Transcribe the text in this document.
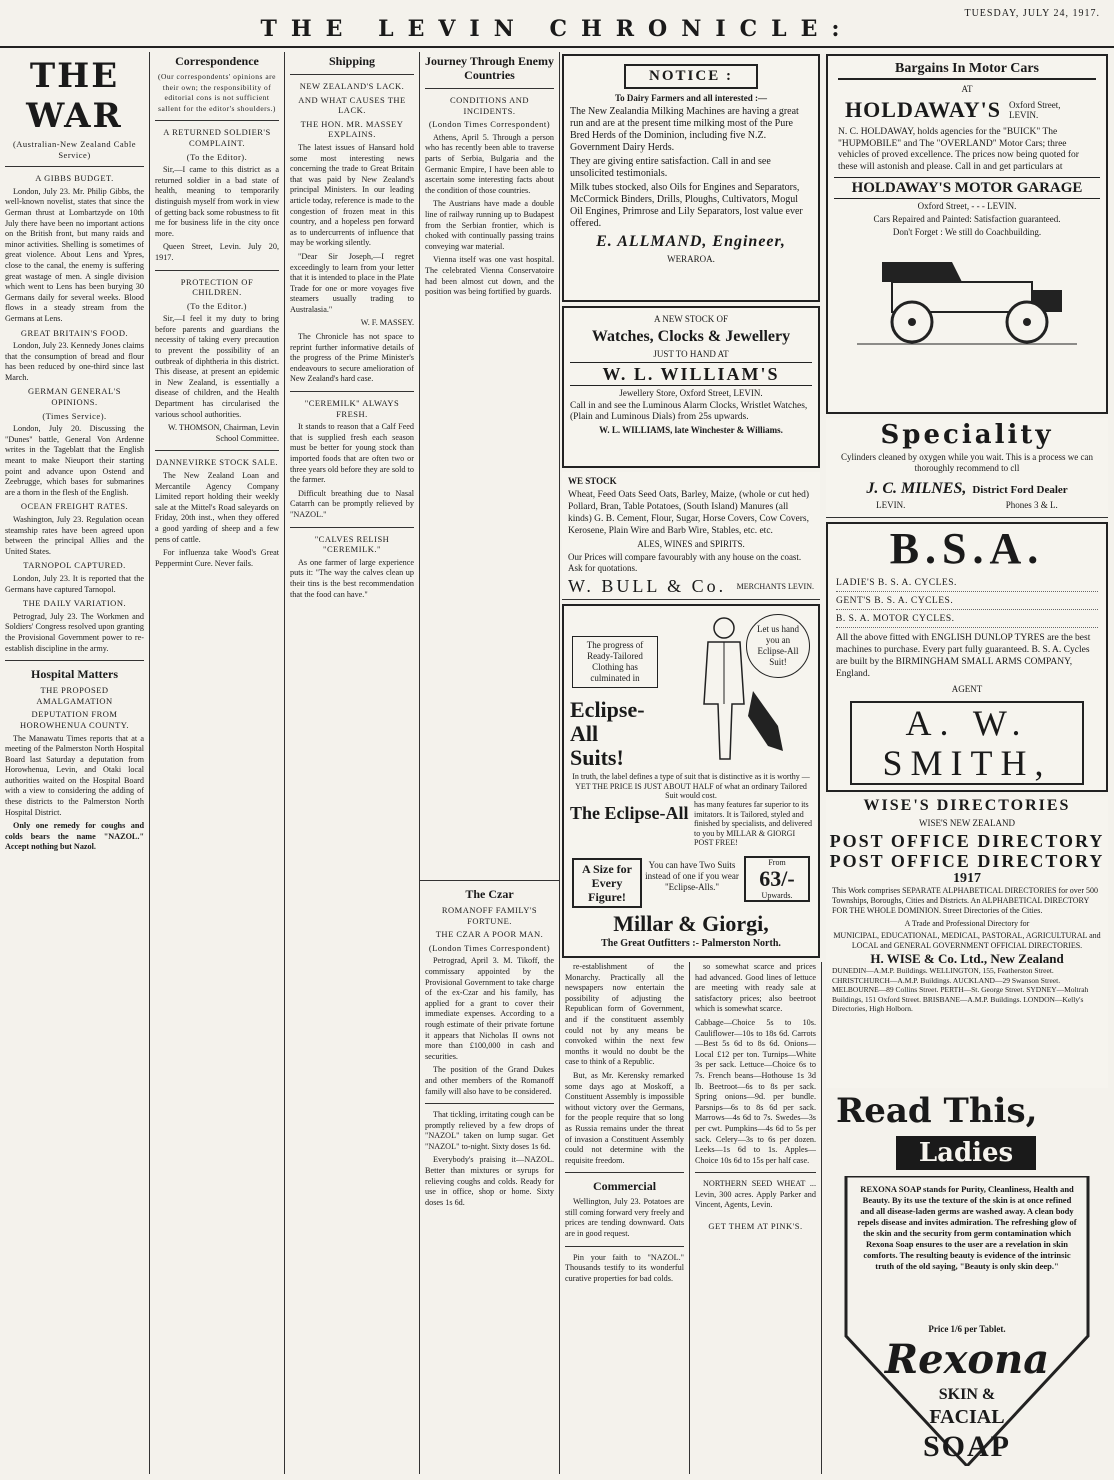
THE LEVIN CHRONICLE:
TUESDAY, JULY 24, 1917.
THE WAR
(Australian-New Zealand Cable Service)
A GIBBS BUDGET.

London, July 23. Mr. Philip Gibbs, the well-known novelist, states that since the German thrust at Lombartzyde on 10th July there have been no important actions on the British front, but many raids and minor activities. Shelling is sometimes of great violence. About Lens and Ypres, close to the canal, the enemy is suffering great wastage of men. A single division which went to Lens has been burying 30 Germans daily for several weeks. Blood flows in a steady stream from the Germans at Lens.

GREAT BRITAIN'S FOOD.

London, July 23. Kennedy Jones claims that the consumption of bread and flour has been reduced by one-third since last March.

GERMAN GENERAL'S OPINIONS.
(Times Service).

London, July 20. Discussing the "Dunes" battle, General Von Ardenne writes in the Tageblatt that the English meant to make Nieuport their starting point and advance upon Ostend and Zeebrugge, which bases for submarines are a thorn in the flesh of the English.

OCEAN FREIGHT RATES.

Washington, July 23. Regulation ocean steamship rates have been agreed upon between the principal Allies and the United States.

TARNOPOL CAPTURED.

London, July 23. It is reported that the Germans have captured Tarnopol.

THE DAILY VARIATION.

Petrograd, July 23. The Workmen and Soldiers' Congress resolved upon granting the Provisional Government power to re-establish discipline in the army.

Hospital Matters
THE PROPOSED AMALGAMATION
DEPUTATION FROM HOROWHENUA COUNTY.

The Manawatu Times reports that at a meeting of the Palmerston North Hospital Board last Saturday a deputation from Horowhenua, Levin, and Otaki local authorities waited on the Hospital Board with a view to considering the adding of these districts to the Palmerston North Hospital District.

Only one remedy for coughs and colds bears the name "NAZOL." Accept nothing but Nazol.

Correspondence
(Our correspondents' opinions are their own; the responsibility of editorial cons is not sufficient sallent for the editor's shoulders.)
A RETURNED SOLDIER'S COMPLAINT.
(To the Editor).

Sir,—I came to this district as a returned soldier in a bad state of health, meaning to temporarily distinguish myself from work in view of getting back some robustness to fit me for business life in the city once more.

Queen Street, Levin. July 20, 1917.

PROTECTION OF CHILDREN.
(To the Editor.)

Sir,—I feel it my duty to bring before parents and guardians the necessity of taking every precaution to prevent the possibility of an outbreak of diphtheria in this district. This disease, at present an epidemic in New Zealand, is essentially a disease of children, and the Health Department has circularised the various school authorities.

W. THOMSON, Chairman, Levin School Committee.

DANNEVIRKE STOCK SALE.

The New Zealand Loan and Mercantile Agency Company Limited report holding their weekly sale at the Mittel's Road saleyards on Friday, 20th inst., when they offered a good yarding of sheep and a few pens of cattle.

For influenza take Wood's Great Peppermint Cure. Never fails.

Shipping
NEW ZEALAND'S LACK.
AND WHAT CAUSES THE LACK.
THE HON. MR. MASSEY EXPLAINS.

The latest issues of Hansard hold some most interesting news concerning the trade to Great Britain that was paid by New Zealand's principal Ministers. In our leading article today, reference is made to the congestion of frozen meat in this country, and a hopeless pen forward as to undercurrents of influence that may be working silently.

"Dear Sir Joseph,—I regret exceedingly to learn from your letter that it is intended to place in the Plate Trade for one or more voyages five steamers usually trading to Australasia."

W. F. MASSEY.

The Chronicle has not space to reprint further informative details of the progress of the Prime Minister's endeavours to secure amelioration of New Zealand's hard case.

"CEREMILK" ALWAYS FRESH.

It stands to reason that a Calf Feed that is supplied fresh each season must be better for young stock than imported foods that are often two or three years old before they are sold to the farmer.

Difficult breathing due to Nasal Catarrh can be promptly relieved by "NAZOL."

"CALVES RELISH "CEREMILK."

As one farmer of large experience puts it: "The way the calves clean up their tins is the best recommendation that the food can have."

Journey Through Enemy Countries
CONDITIONS AND INCIDENTS.
(London Times Correspondent)

Athens, April 5. Through a person who has recently been able to traverse parts of Serbia, Bulgaria and the Germanic Empire, I have been able to ascertain some interesting facts about the condition of those countries.

The Austrians have made a double line of railway running up to Budapest from the Serbian frontier, which is choked with continually passing trains conveying war material.

Vienna itself was one vast hospital. The celebrated Vienna Conservatoire had been almost cut down, and the position was being fortified by guards.

The Czar
ROMANOFF FAMILY'S FORTUNE.
THE CZAR A POOR MAN.
(London Times Correspondent)

Petrograd, April 3. M. Tikoff, the commissary appointed by the Provisional Government to take charge of the ex-Czar and his family, has applied for a grant to cover their immediate expenses. According to a rough estimate of their private fortune it appears that Nicholas II owns not more than £100,000 in cash and securities.

The position of the Grand Dukes and other members of the Romanoff family will also have to be considered.

That tickling, irritating cough can be promptly relieved by a few drops of "NAZOL" taken on lump sugar. Get "NAZOL" to-night. Sixty doses 1s 6d.

Everybody's praising it—NAZOL. Better than mixtures or syrups for relieving coughs and colds. Ready for use in office, shop or home. Sixty doses 1s 6d.

re-establishment of the Monarchy. Practically all the newspapers now entertain the possibility of adjusting the Republican form of Government, and if the constituent assembly could not by any means be convoked within the next few months it would no doubt be the case to think of a Republic.

But, as Mr. Kerensky remarked some days ago at Moskoff, a Constituent Assembly is impossible without victory over the Germans, for the people require that so long as Russia remains under the threat of invasion a Constituent Assembly could not determine with the requisite freedom.

Commercial

Wellington, July 23. Potatoes are still coming forward very freely and prices are tending downward. Oats are in good request.

Pin your faith to "NAZOL." Thousands testify to its wonderful curative properties for bad colds.

so somewhat scarce and prices had advanced. Good lines of lettuce are meeting with ready sale at satisfactory prices; also beetroot which is somewhat scarce.

Cabbage—Choice 5s to 10s. Cauliflower—10s to 18s 6d. Carrots—Best 5s 6d to 8s 6d. Onions—Local £12 per ton. Turnips—White 3s per sack. Lettuce—Choice 6s to 7s. French beans—Hothouse 1s 3d lb. Beetroot—6s to 8s per sack. Spring onions—9d. per bundle. Parsnips—6s to 8s 6d per sack. Marrows—4s 6d to 7s. Swedes—3s per cwt. Pumpkins—4s 6d to 5s per sack. Celery—3s to 6s per dozen. Leeks—1s 6d to 1s. Apples—Choice 10s 6d to 15s per half case.

NORTHERN SEED WHEAT ... Levin, 300 acres. Apply Parker and Vincent, Agents, Levin.

GET THEM AT PINK'S.
NOTICE :

To Dairy Farmers and all interested :—

The New Zealandia Milking Machines are having a great run and are at the present time milking most of the Pure Bred Herds of the Dominion, including five N.Z. Government Dairy Herds.

They are giving entire satisfaction. Call in and see unsolicited testimonials.

Milk tubes stocked, also Oils for Engines and Separators, McCormick Binders, Drills, Ploughs, Cultivators, Mogul Oil Engines, Primrose and Lily Separators, lost value ever offered.

E. ALLMAND, Engineer,

WERAROA.

A NEW STOCK OF

Watches, Clocks & Jewellery

JUST TO HAND AT

W. L. WILLIAM'S

Jewellery Store, Oxford Street, LEVIN.

Call in and see the Luminous Alarm Clocks, Wristlet Watches, (Plain and Luminous Dials) from 25s upwards.

W. L. WILLIAMS, late Winchester & Williams.

WE STOCK

Wheat, Feed Oats Seed Oats, Barley, Maize, (whole or cut hed) Pollard, Bran, Table Potatoes, (South Island) Manures (all kinds) G. B. Cement, Flour, Sugar, Horse Covers, Cow Covers, Kerosene, Plain Wire and Barb Wire, Stables, etc. etc.

ALES, WINES and SPIRITS.

Our Prices will compare favourably with any house on the coast. Ask for quotations.

W. BULL & Co. MERCHANTS LEVIN.
The progress of Ready-Tailored Clothing has culminated in
Eclipse-All Suits!
Let us hand you an Eclipse-All Suit!
In truth, the label defines a type of suit that is distinctive as it is worthy — YET THE PRICE IS JUST ABOUT HALF of what an ordinary Tailored Suit would cost.
The Eclipse-All has many features far superior to its imitators. It is Tailored, styled and finished by specialists, and delivered to you by MILLAR & GIORGI POST FREE!
A Size for Every Figure!
You can have Two Suits instead of one if you wear "Eclipse-Alls."
From
63/-
Upwards.
Millar & Giorgi,
The Great Outfitters :- Palmerston North.

Bargains In Motor Cars

AT

HOLDAWAY'S Oxford Street, LEVIN.

N. C. HOLDAWAY, holds agencies for the "BUICK" The "HUPMOBILE" and The "OVERLAND" Motor Cars; three vehicles of proved excellence. The prices now being quoted for these will astonish and please. Call in and get particulars at

HOLDAWAY'S MOTOR GARAGE

Oxford Street, - - - LEVIN.

Cars Repaired and Painted: Satisfaction guaranteed.

Don't Forget : We still do Coachbuilding.

Speciality

Cylinders cleaned by oxygen while you wait. This is a process we can thoroughly recommend to cll

J. C. MILNES, District Ford Dealer
LEVIN.	Phones 3 & L.
B.S.A.
LADIE'S B. S. A. CYCLES.
GENT'S B. S. A. CYCLES.
B. S. A. MOTOR CYCLES.

All the above fitted with ENGLISH DUNLOP TYRES are the best machines to purchase. Every part fully guaranteed. B. S. A. Cycles are built by the BIRMINGHAM SMALL ARMS COMPANY, England.

AGENT

A. W. SMITH,

WISE'S DIRECTORIES

WISE'S NEW ZEALAND

POST OFFICE DIRECTORY
POST OFFICE DIRECTORY

1917

This Work comprises SEPARATE ALPHABETICAL DIRECTORIES for over 500 Townships, Boroughs, Cities and Districts. An ALPHABETICAL DIRECTORY FOR THE WHOLE DOMINION. Street Directories of the Cities.

A Trade and Professional Directory for

MUNICIPAL, EDUCATIONAL, MEDICAL, PASTORAL, AGRICULTURAL and LOCAL and GENERAL GOVERNMENT OFFICIAL DIRECTORIES.

H. WISE & Co. Ltd., New Zealand

DUNEDIN—A.M.P. Buildings. WELLINGTON, 155, Featherston Street. CHRISTCHURCH—A.M.P. Buildings. AUCKLAND—29 Swanson Street. MELBOURNE—89 Collins Street. PERTH—St. George Street. SYDNEY—Moltrah Buildings, 151 Oxford Street. BRISBANE—A.M.P. Buildings. LONDON—Kelly's Directories, High Holborn.

Read This,
Ladies
REXONA SOAP stands for Purity, Cleanliness, Health and Beauty. By its use the texture of the skin is at once refined and all disease-laden germs are washed away. A clean body repels disease and invites admiration. The refreshing glow of the skin and the security from germ contamination which Rexona Soap ensures to the user are a revelation in skin comforts. The resulting beauty is evidence of the intrinsic truth of the old saying, "Beauty is only skin deep."
Price 1/6 per Tablet.
Rexona
SKIN &
FACIAL
SOAP
